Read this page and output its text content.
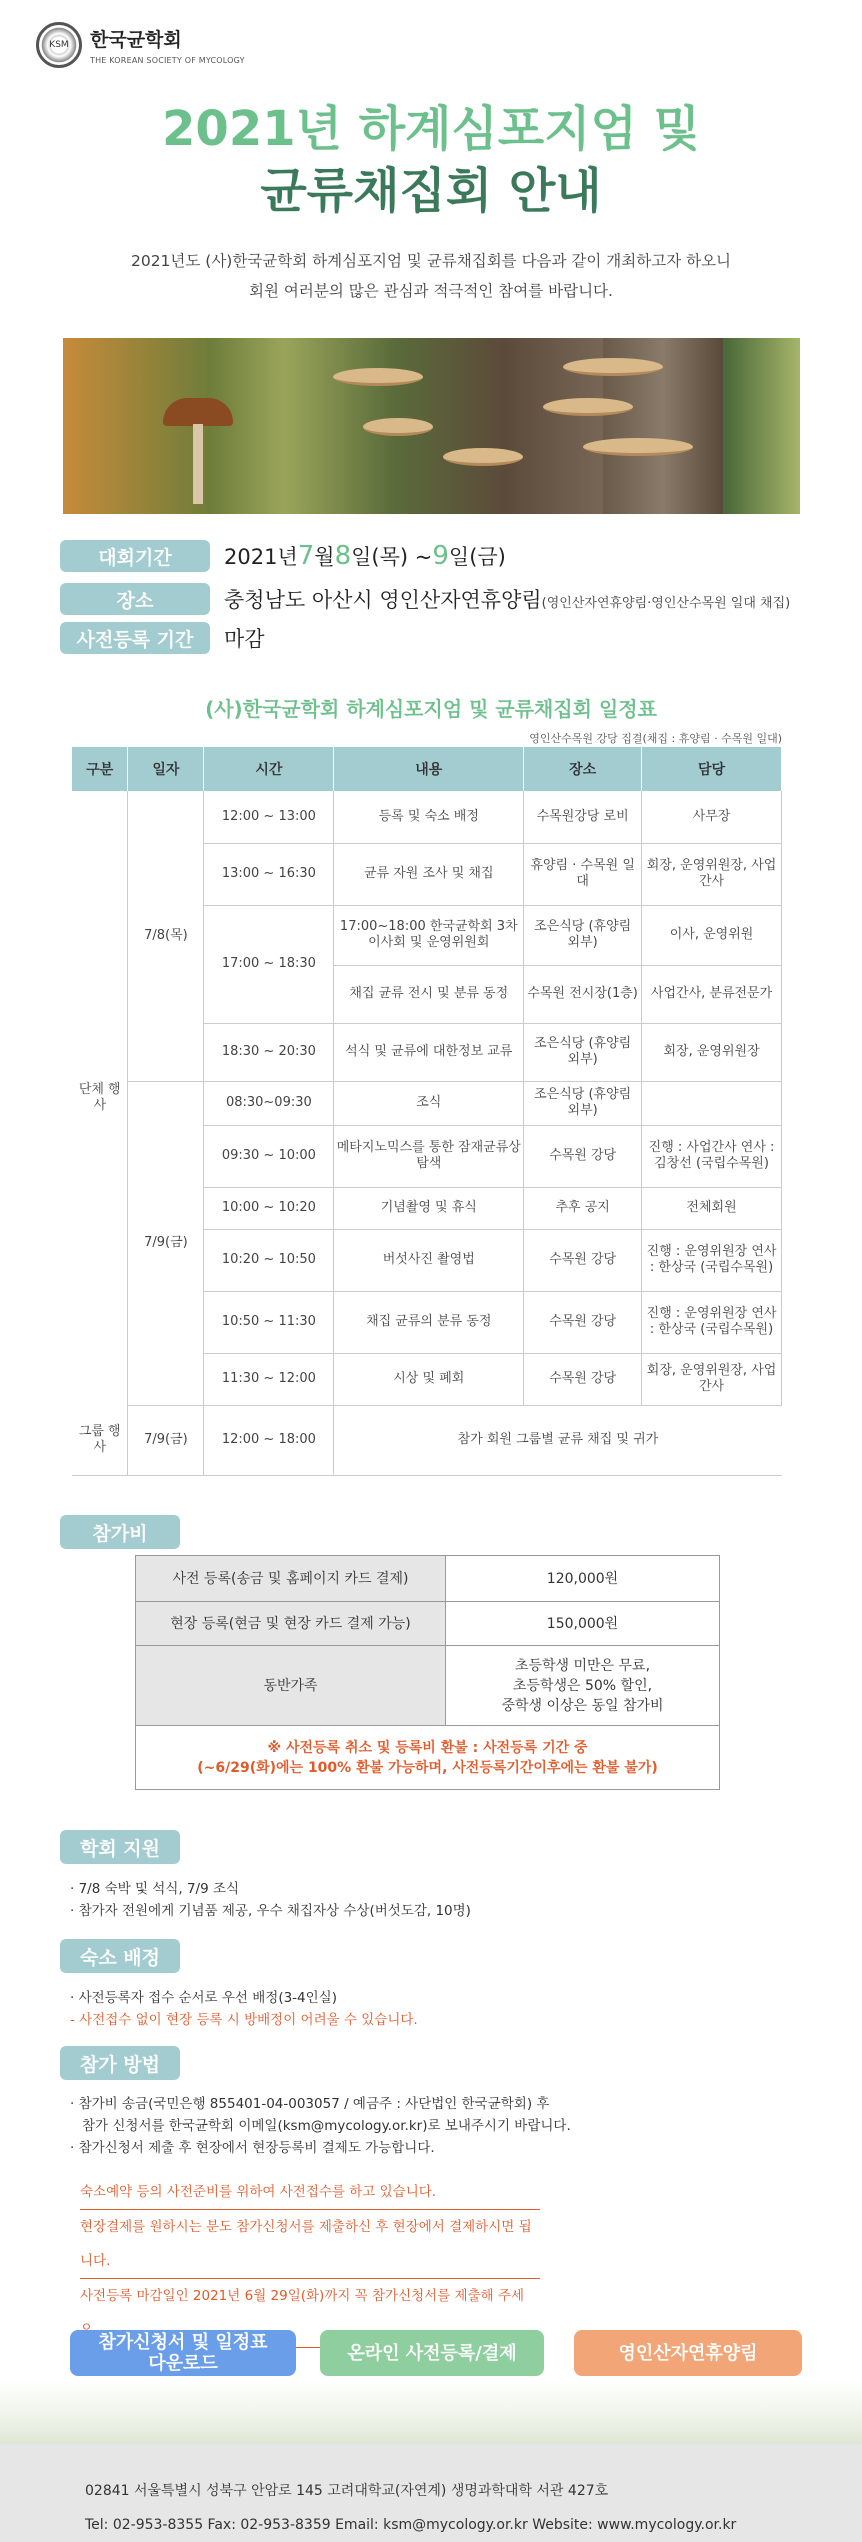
KSM 한국균학회
THE KOREAN SOCIETY OF MYCOLOGY
2021년 하계심포지엄 및
균류채집회 안내
2021년도 (사)한국균학회 하계심포지엄 및 균류채집회를 다음과 같이 개최하고자 하오니
회원 여러분의 많은 관심과 적극적인 참여를 바랍니다.
대회기간	2021년 7 월 8 일(목) ~ 9 일(금)
장소	충청남도 아산시 영인산자연휴양림 (영인산자연휴양림·영인산수목원 일대 채집)
사전등록 기간	마감
(사)한국균학회 하계심포지엄 및 균류채집회 일정표
영인산수목원 강당 집결(채집 : 휴양림 · 수목원 일대)
구분	일자	시간	내용	장소	담당
단체 행사	7/8(목)	12:00 ~ 13:00	등록 및 숙소 배정	수목원강당 로비	사무장
		13:00 ~ 16:30	균류 자원 조사 및 채집	휴양림 · 수목원 일대	회장, 운영위원장, 사업간사
		17:00 ~ 18:30	17:00~18:00 한국균학회 3차 이사회 및 운영위원회	조은식당 (휴양림 외부)	이사, 운영위원
			채집 균류 전시 및 분류 동정	수목원 전시장(1층)	사업간사, 분류전문가
		18:30 ~ 20:30	석식 및 균류에 대한정보 교류	조은식당 (휴양림 외부)	회장, 운영위원장
	7/9(금)	08:30~09:30	조식	조은식당 (휴양림 외부)	
		09:30 ~ 10:00	메타지노믹스를 통한 잠재균류상 탐색	수목원 강당	진행 : 사업간사 연사 : 김창선 (국립수목원)
		10:00 ~ 10:20	기념촬영 및 휴식	추후 공지	전체회원
		10:20 ~ 10:50	버섯사진 촬영법	수목원 강당	진행 : 운영위원장 연사 : 한상국 (국립수목원)
		10:50 ~ 11:30	채집 균류의 분류 동정	수목원 강당	진행 : 운영위원장 연사 : 한상국 (국립수목원)
		11:30 ~ 12:00	시상 및 폐회	수목원 강당	회장, 운영위원장, 사업간사
그룹 행사	7/9(금)	12:00 ~ 18:00	참가 회원 그룹별 균류 채집 및 귀가		
참가비
사전 등록(송금 및 홈페이지 카드 결제)	120,000원
현장 등록(현금 및 현장 카드 결제 가능)	150,000원
동반가족	초등학생 미만은 무료,
초등학생은 50% 할인,
중학생 이상은 동일 참가비

※ 사전등록 취소 및 등록비 환불 : 사전등록 기간 중
(~6/29(화)에는 100% 환불 가능하며, 사전등록기간이후에는 환불 불가)	
학회 지원
· 7/8 숙박 및 석식, 7/9 조식
· 참가자 전원에게 기념품 제공, 우수 채집자상 수상(버섯도감, 10명)
숙소 배정
· 사전등록자 접수 순서로 우선 배정(3-4인실)
- 사전접수 없이 현장 등록 시 방배정이 어려울 수 있습니다.
참가 방법
· 참가비 송금(국민은행 855401-04-003057 / 예금주 : 사단법인 한국균학회) 후
참가 신청서를 한국균학회 이메일(ksm@mycology.or.kr)로 보내주시기 바랍니다.
· 참가신청서 제출 후 현장에서 현장등록비 결제도 가능합니다.
숙소예약 등의 사전준비를 위하여 사전접수를 하고 있습니다.
현장결제를 원하시는 분도 참가신청서를 제출하신 후 현장에서 결제하시면 됩니다.
사전등록 마감일인 2021년 6월 29일(화)까지 꼭 참가신청서를 제출해 주세
참가신청서 및 일정표
다운로드	온라인 사전등록/결제	영인산자연휴양림
02841 서울특별시 성북구 안암로 145 고려대학교(자연계) 생명과학대학 서관 427호
Tel: 02-953-8355 Fax: 02-953-8359 Email: ksm@mycology.or.kr Website: www.mycology.or.kr
